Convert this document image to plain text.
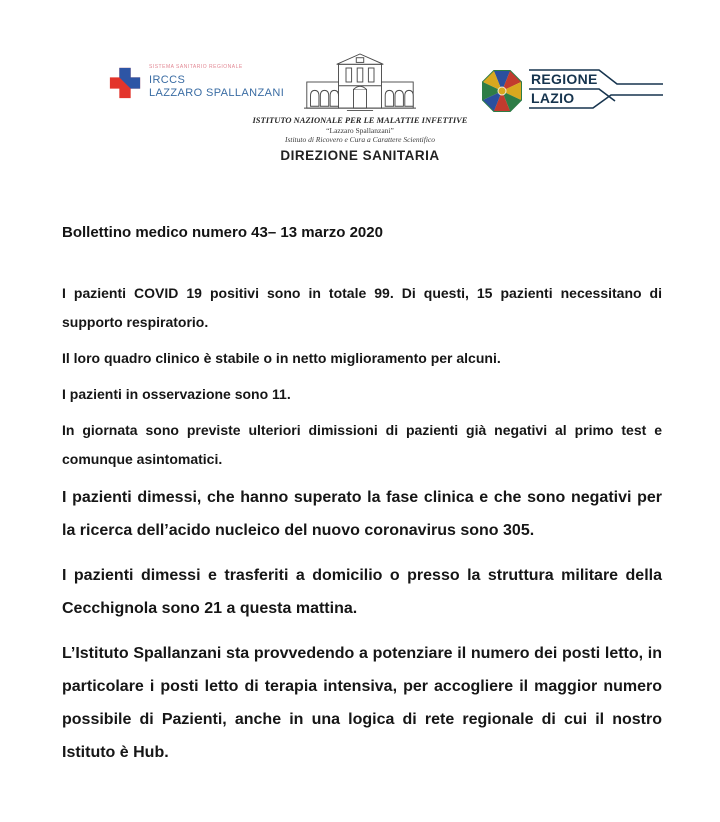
SISTEMA SANITARIO REGIONALE
IRCCS
LAZZARO SPALLANZANI
ISTITUTO NAZIONALE PER LE MALATTIE INFETTIVE
“Lazzaro Spallanzani”
Istituto di Ricovero e Cura a Carattere Scientifico
DIREZIONE SANITARIA
REGIONE
LAZIO
Bollettino medico numero 43– 13 marzo 2020

I pazienti COVID 19 positivi sono in totale 99. Di questi, 15 pazienti necessitano di supporto respiratorio.

Il loro quadro clinico è stabile o in netto miglioramento per alcuni.

I pazienti in osservazione sono 11.

In giornata sono previste ulteriori dimissioni di pazienti già negativi al primo test e comunque asintomatici.

I pazienti dimessi, che hanno superato la fase clinica e che sono negativi per la ricerca dell’acido nucleico del nuovo coronavirus sono 305.

I pazienti dimessi e trasferiti a domicilio o presso la struttura militare della Cecchignola sono 21 a questa mattina.

L’Istituto Spallanzani sta provvedendo a potenziare il numero dei posti letto, in particolare i posti letto di terapia intensiva, per accogliere il maggior numero possibile di Pazienti, anche in una logica di rete regionale di cui il nostro Istituto è Hub.
